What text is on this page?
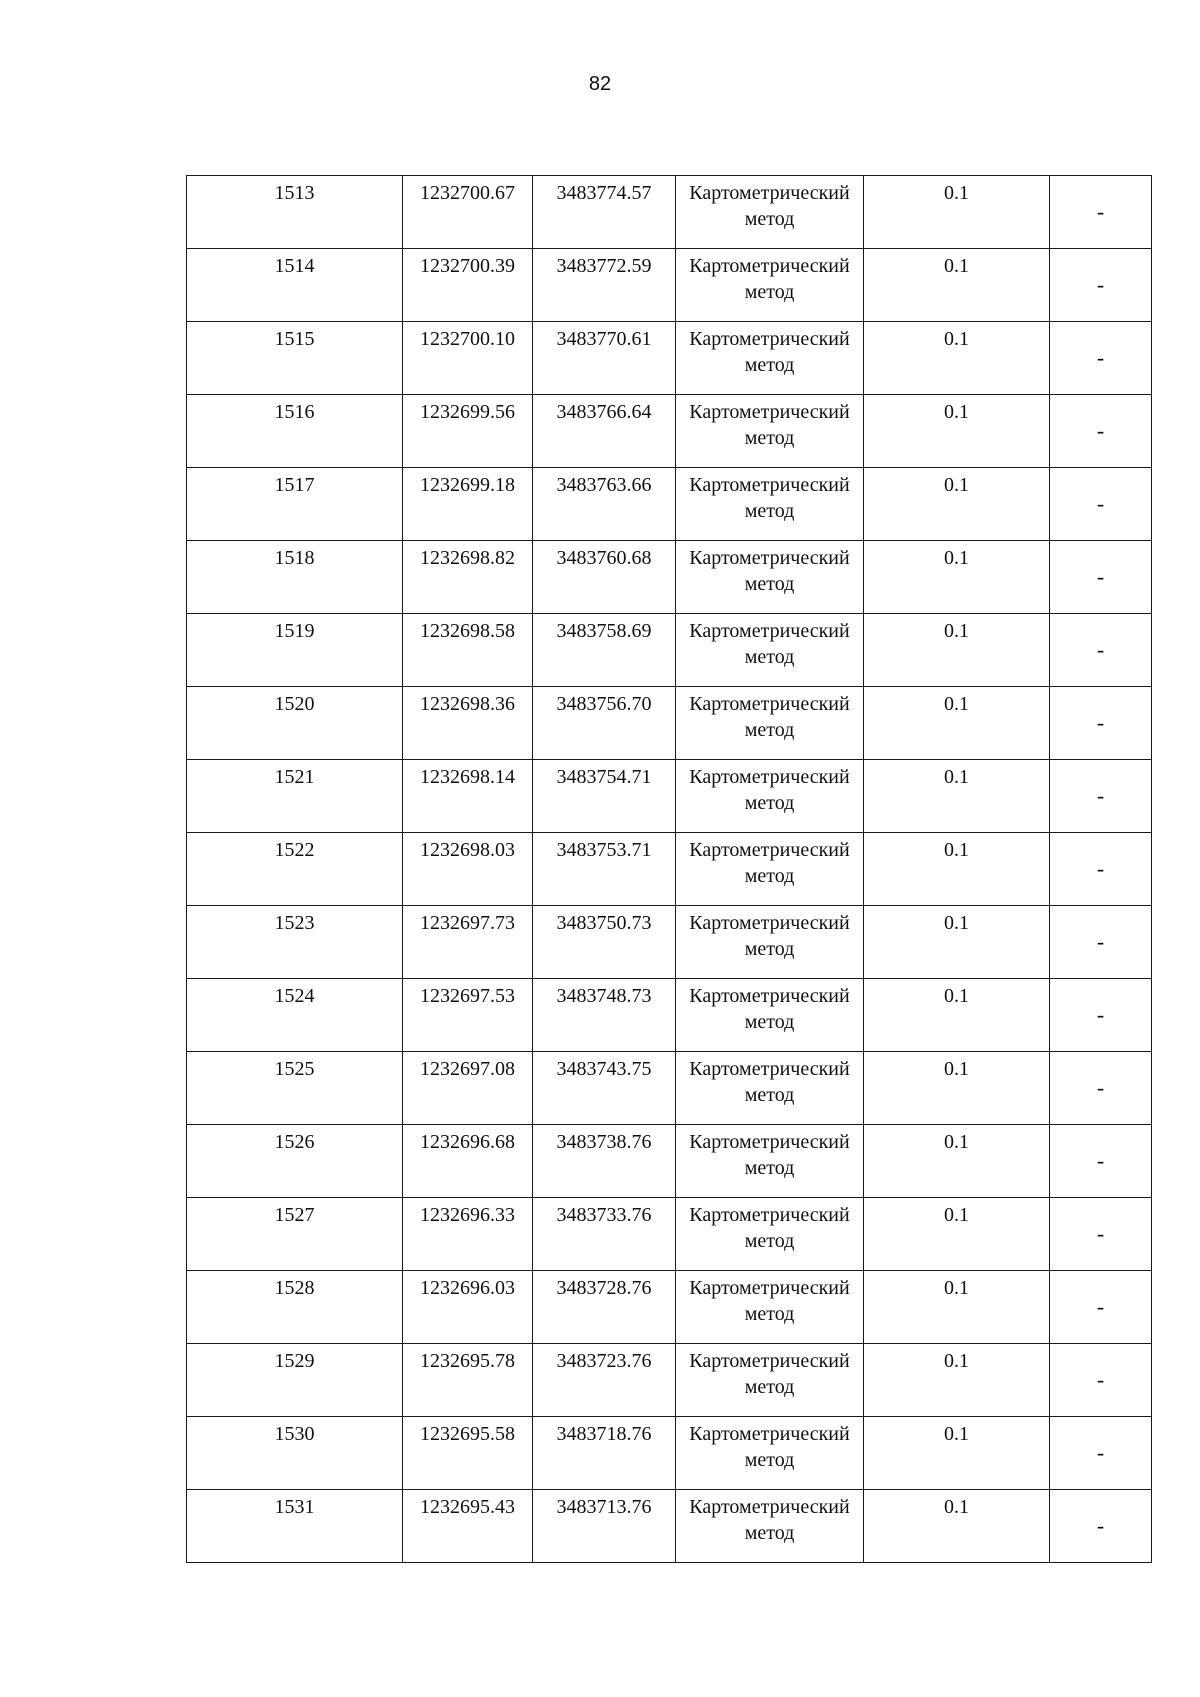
82
1513	1232700.67	3483774.57	Картометрический
метод	0.1	-

1514	1232700.39	3483772.59	Картометрический
метод	0.1	-

1515	1232700.10	3483770.61	Картометрический
метод	0.1	-

1516	1232699.56	3483766.64	Картометрический
метод	0.1	-

1517	1232699.18	3483763.66	Картометрический
метод	0.1	-

1518	1232698.82	3483760.68	Картометрический
метод	0.1	-

1519	1232698.58	3483758.69	Картометрический
метод	0.1	-

1520	1232698.36	3483756.70	Картометрический
метод	0.1	-

1521	1232698.14	3483754.71	Картометрический
метод	0.1	-

1522	1232698.03	3483753.71	Картометрический
метод	0.1	-

1523	1232697.73	3483750.73	Картометрический
метод	0.1	-

1524	1232697.53	3483748.73	Картометрический
метод	0.1	-

1525	1232697.08	3483743.75	Картометрический
метод	0.1	-

1526	1232696.68	3483738.76	Картометрический
метод	0.1	-

1527	1232696.33	3483733.76	Картометрический
метод	0.1	-

1528	1232696.03	3483728.76	Картометрический
метод	0.1	-

1529	1232695.78	3483723.76	Картометрический
метод	0.1	-

1530	1232695.58	3483718.76	Картометрический
метод	0.1	-

1531	1232695.43	3483713.76	Картометрический
метод	0.1	-
